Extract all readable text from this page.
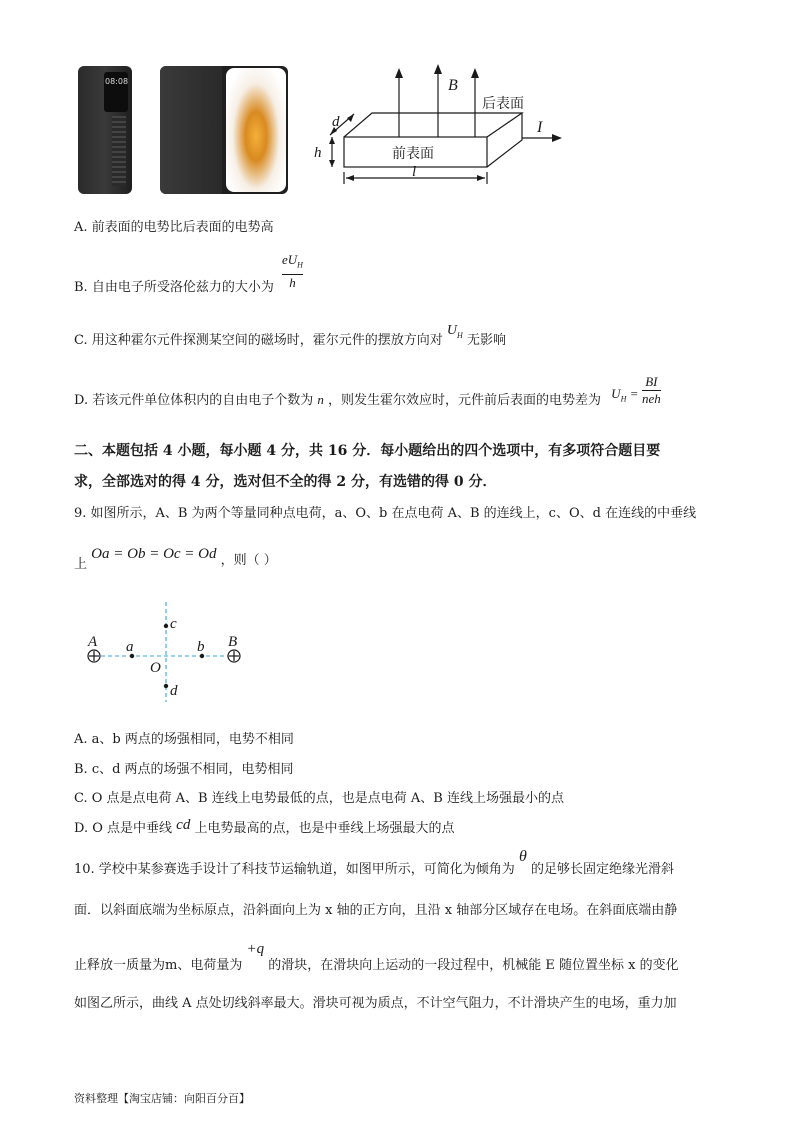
08:08	B
后表面
前表面
I
d
h
l
A. 前表面的电势比后表面的电势高
B. 自由电子所受洛伦兹力的大小为 $\frac{eU_H}{h}$
C. 用这种霍尔元件探测某空间的磁场时，霍尔元件的摆放方向对 $U_H$ 无影响
D. 若该元件单位体积内的自由电子个数为 n ，则发生霍尔效应时，元件前后表面的电势差为 $U_H = \frac{BI}{\text{neh}}$
二、本题包括 4 小题，每小题 4 分，共 16 分．每小题给出的四个选项中，有多项符合题目要
求，全部选对的得 4 分，选对但不全的得 2 分，有选错的得 0 分．
9. 如图所示，A、B 为两个等量同种点电荷，a、O、b 在点电荷 A、B 的连线上，c、O、d 在连线的中垂线
上 Oa = Ob = Oc = Od ，则（ ）
A	B
a	b
O
c
d
A. a、b 两点的场强相同，电势不相同
B. c、d 两点的场强不相同，电势相同
C. O 点是点电荷 A、B 连线上电势最低的点，也是点电荷 A、B 连线上场强最小的点
D. O 点是中垂线 cd 上电势最高的点，也是中垂线上场强最大的点
10. 学校中某参赛选手设计了科技节运输轨道，如图甲所示，可简化为倾角为 θ 的足够长固定绝缘光滑斜
面．以斜面底端为坐标原点，沿斜面向上为 x 轴的正方向，且沿 x 轴部分区域存在电场。在斜面底端由静
止释放一质量为m、电荷量为 +q 的滑块，在滑块向上运动的一段过程中，机械能 E 随位置坐标 x 的变化
如图乙所示，曲线 A 点处切线斜率最大。滑块可视为质点，不计空气阻力，不计滑块产生的电场，重力加
资料整理【淘宝店铺：向阳百分百】
